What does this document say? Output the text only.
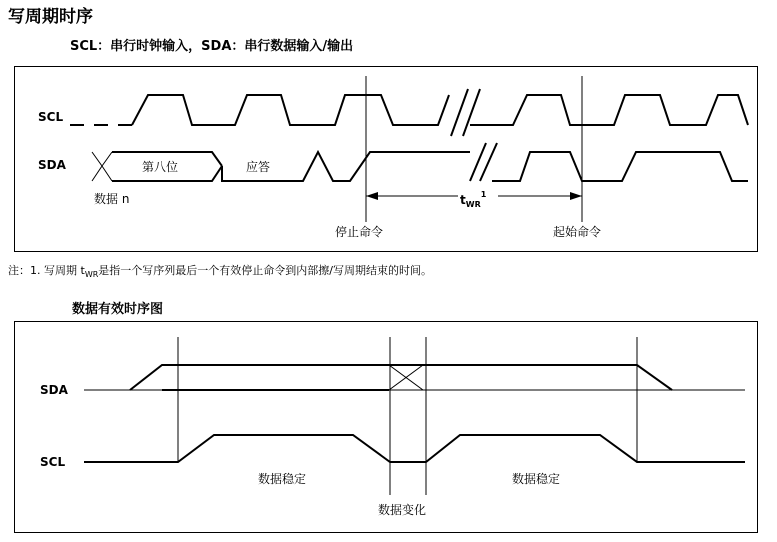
写周期时序
SCL：串行时钟输入，SDA：串行数据输入/输出
注：1. 写周期 $t_{WR}$是指一个写序列最后一个有效停止命令到内部擦/写周期结束的时间。
数据有效时序图
SCL
SDA	第八位	应答
数据 n	$t_{WR}^1$
停止命令	起始命令
SDA
SCL
数据稳定	数据稳定
数据变化
